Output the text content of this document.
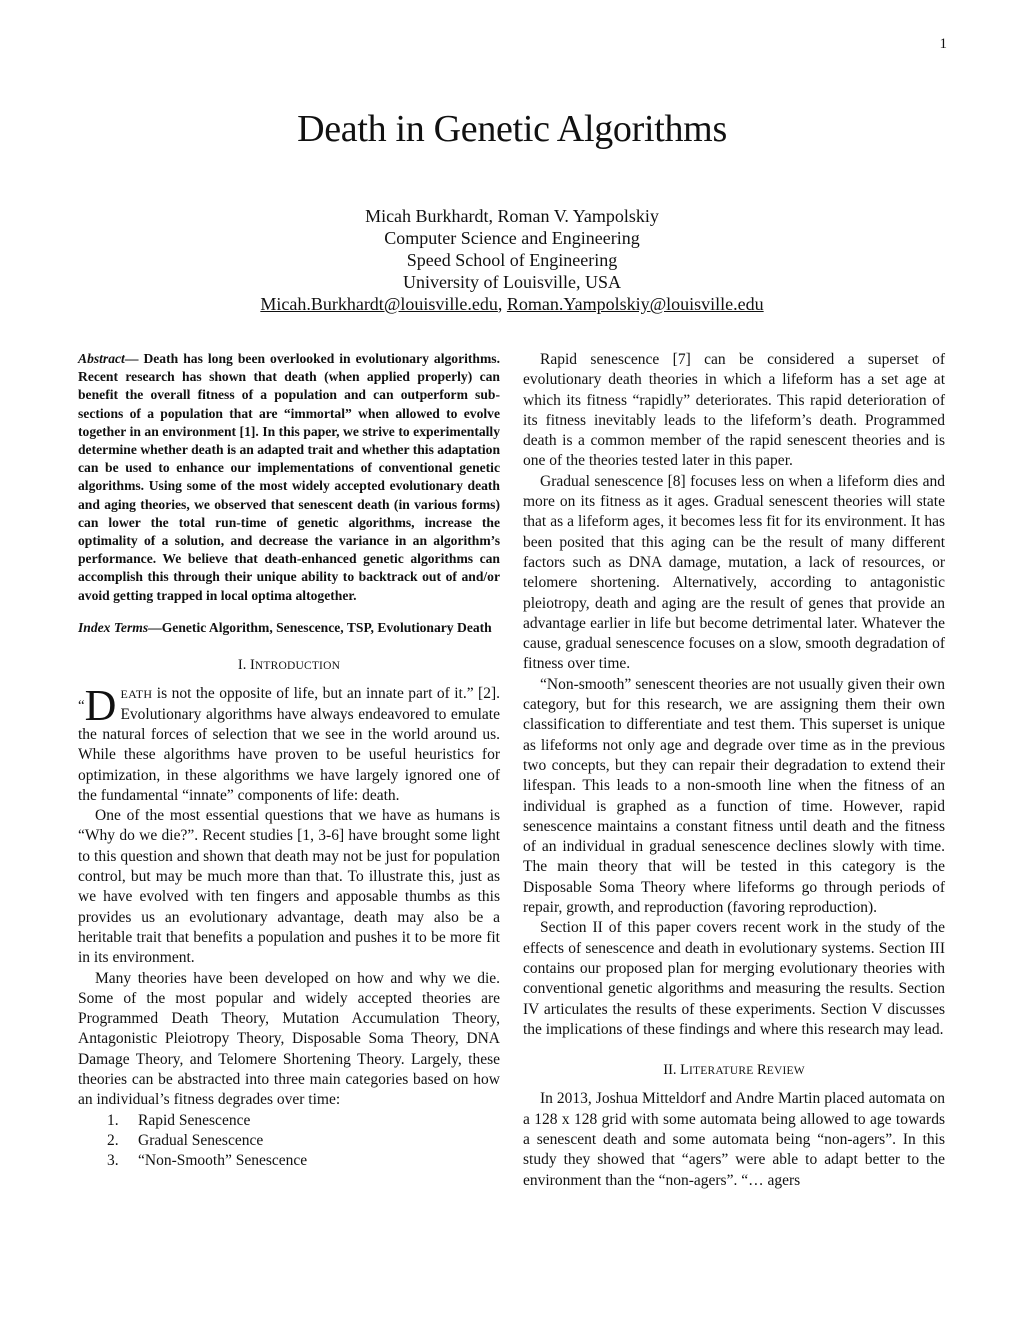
1
Death in Genetic Algorithms
Micah Burkhardt, Roman V. Yampolskiy
Computer Science and Engineering
Speed School of Engineering
University of Louisville, USA
Micah.Burkhardt@louisville.edu, Roman.Yampolskiy@louisville.edu

Abstract— Death has long been overlooked in evolutionary algorithms. Recent research has shown that death (when applied properly) can benefit the overall fitness of a population and can outperform sub-sections of a population that are “immortal” when allowed to evolve together in an environment [1]. In this paper, we strive to experimentally determine whether death is an adapted trait and whether this adaptation can be used to enhance our implementations of conventional genetic algorithms. Using some of the most widely accepted evolutionary death and aging theories, we observed that senescent death (in various forms) can lower the total run-time of genetic algorithms, increase the optimality of a solution, and decrease the variance in an algorithm’s performance. We believe that death-enhanced genetic algorithms can accomplish this through their unique ability to backtrack out of and/or avoid getting trapped in local optima altogether.

Index Terms—Genetic Algorithm, Senescence, TSP, Evolutionary Death

I. INTRODUCTION

“D EATH is not the opposite of life, but an innate part of it.” [2]. Evolutionary algorithms have always endeavored to emulate the natural forces of selection that we see in the world around us. While these algorithms have proven to be useful heuristics for optimization, in these algorithms we have largely ignored one of the fundamental “innate” components of life: death.

One of the most essential questions that we have as humans is “Why do we die?”. Recent studies [1, 3-6] have brought some light to this question and shown that death may not be just for population control, but may be much more than that. To illustrate this, just as we have evolved with ten fingers and apposable thumbs as this provides us an evolutionary advantage, death may also be a heritable trait that benefits a population and pushes it to be more fit in its environment.

Many theories have been developed on how and why we die. Some of the most popular and widely accepted theories are Programmed Death Theory, Mutation Accumulation Theory, Antagonistic Pleiotropy Theory, Disposable Soma Theory, DNA Damage Theory, and Telomere Shortening Theory. Largely, these theories can be abstracted into three main categories based on how an individual’s fitness degrades over time:

1. Rapid Senescence
2. Gradual Senescence
3. “Non-Smooth” Senescence

Rapid senescence [7] can be considered a superset of evolutionary death theories in which a lifeform has a set age at which its fitness “rapidly” deteriorates. This rapid deterioration of its fitness inevitably leads to the lifeform’s death. Programmed death is a common member of the rapid senescent theories and is one of the theories tested later in this paper.

Gradual senescence [8] focuses less on when a lifeform dies and more on its fitness as it ages. Gradual senescent theories will state that as a lifeform ages, it becomes less fit for its environment. It has been posited that this aging can be the result of many different factors such as DNA damage, mutation, a lack of resources, or telomere shortening. Alternatively, according to antagonistic pleiotropy, death and aging are the result of genes that provide an advantage earlier in life but become detrimental later. Whatever the cause, gradual senescence focuses on a slow, smooth degradation of fitness over time.

“Non-smooth” senescent theories are not usually given their own category, but for this research, we are assigning them their own classification to differentiate and test them. This superset is unique as lifeforms not only age and degrade over time as in the previous two concepts, but they can repair their degradation to extend their lifespan. This leads to a non-smooth line when the fitness of an individual is graphed as a function of time. However, rapid senescence maintains a constant fitness until death and the fitness of an individual in gradual senescence declines slowly with time. The main theory that will be tested in this category is the Disposable Soma Theory where lifeforms go through periods of repair, growth, and reproduction (favoring reproduction).

Section II of this paper covers recent work in the study of the effects of senescence and death in evolutionary systems. Section III contains our proposed plan for merging evolutionary theories with conventional genetic algorithms and measuring the results. Section IV articulates the results of these experiments. Section V discusses the implications of these findings and where this research may lead.

II. LITERATURE REVIEW

In 2013, Joshua Mitteldorf and Andre Martin placed automata on a 128 x 128 grid with some automata being allowed to age towards a senescent death and some automata being “non-agers”. In this study they showed that “agers” were able to adapt better to the environment than the “non-agers”. “… agers
